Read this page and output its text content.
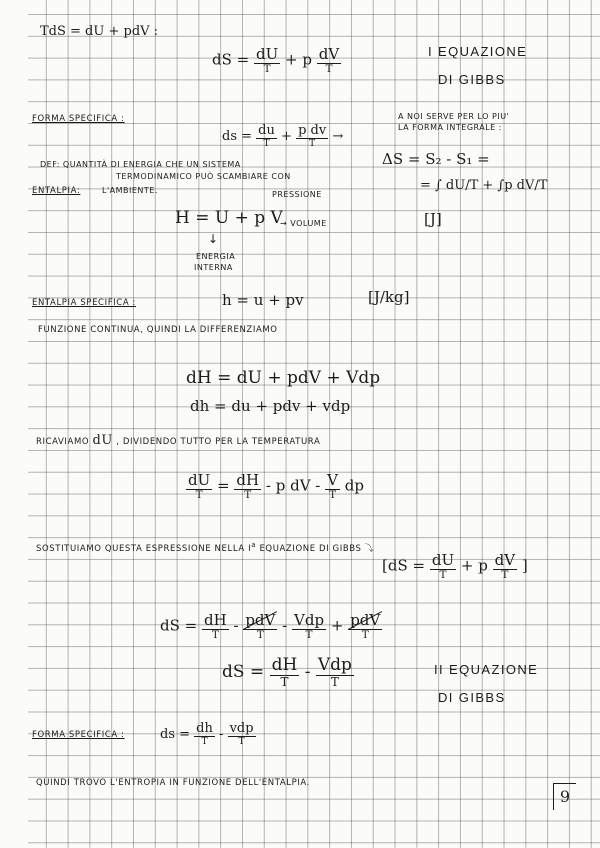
TdS = dU + pdV :
dS = $\frac{dU}{T} + p \frac{dV}{T}$	I EQUAZIONE
DI GIBBS
FORMA SPECIFICA :
ds = $\frac{du}{T} + \frac{\text{p dv}}{T}$ →
A NOI SERVE PER LO PIU'
LA FORMA INTEGRALE :
ΔS = S₂ - S₁ =
= ∫ dU/T + ∫p dV/T
DEF: QUANTITÀ DI ENERGIA CHE UN SISTEMA
TERMODINAMICO PUÒ SCAMBIARE CON
ENTALPIA:	L'AMBIENTE.	PRESSIONE
H = U + p V
→ VOLUME	[J]
↓
ENERGIA
INTERNA
ENTALPIA SPECIFICA :	h = u + pv	[J/kg]
FUNZIONE CONTINUA, QUINDI LA DIFFERENZIAMO
dH = dU + pdV + Vdp
dh = du + pdv + vdp
RICAVIAMO dU , DIVIDENDO TUTTO PER LA TEMPERATURA
$\frac{dU}{T} = \frac{dH}{T} - p$ dV - $\frac{V}{T}$ dp
SOSTITUIAMO QUESTA ESPRESSIONE NELLA $I^a$ EQUAZIONE DI GIBBS ⤵
[$dS = \frac{dU}{T} + p \frac{dV}{T}$ ]
dS = $\frac{dH}{T} - \frac{\text{pdV}}{T} - \frac{\text{Vdp}}{T} + \frac{\text{pdV}}{T}$
dS = $\frac{dH}{T} - \frac{\text{Vdp}}{T}$	II EQUAZIONE
DI GIBBS
FORMA SPECIFICA :	ds = $\frac{dh}{T} - \frac{\text{vdp}}{T}$
QUINDI TROVO L'ENTROPIA IN FUNZIONE DELL'ENTALPIA.
9
